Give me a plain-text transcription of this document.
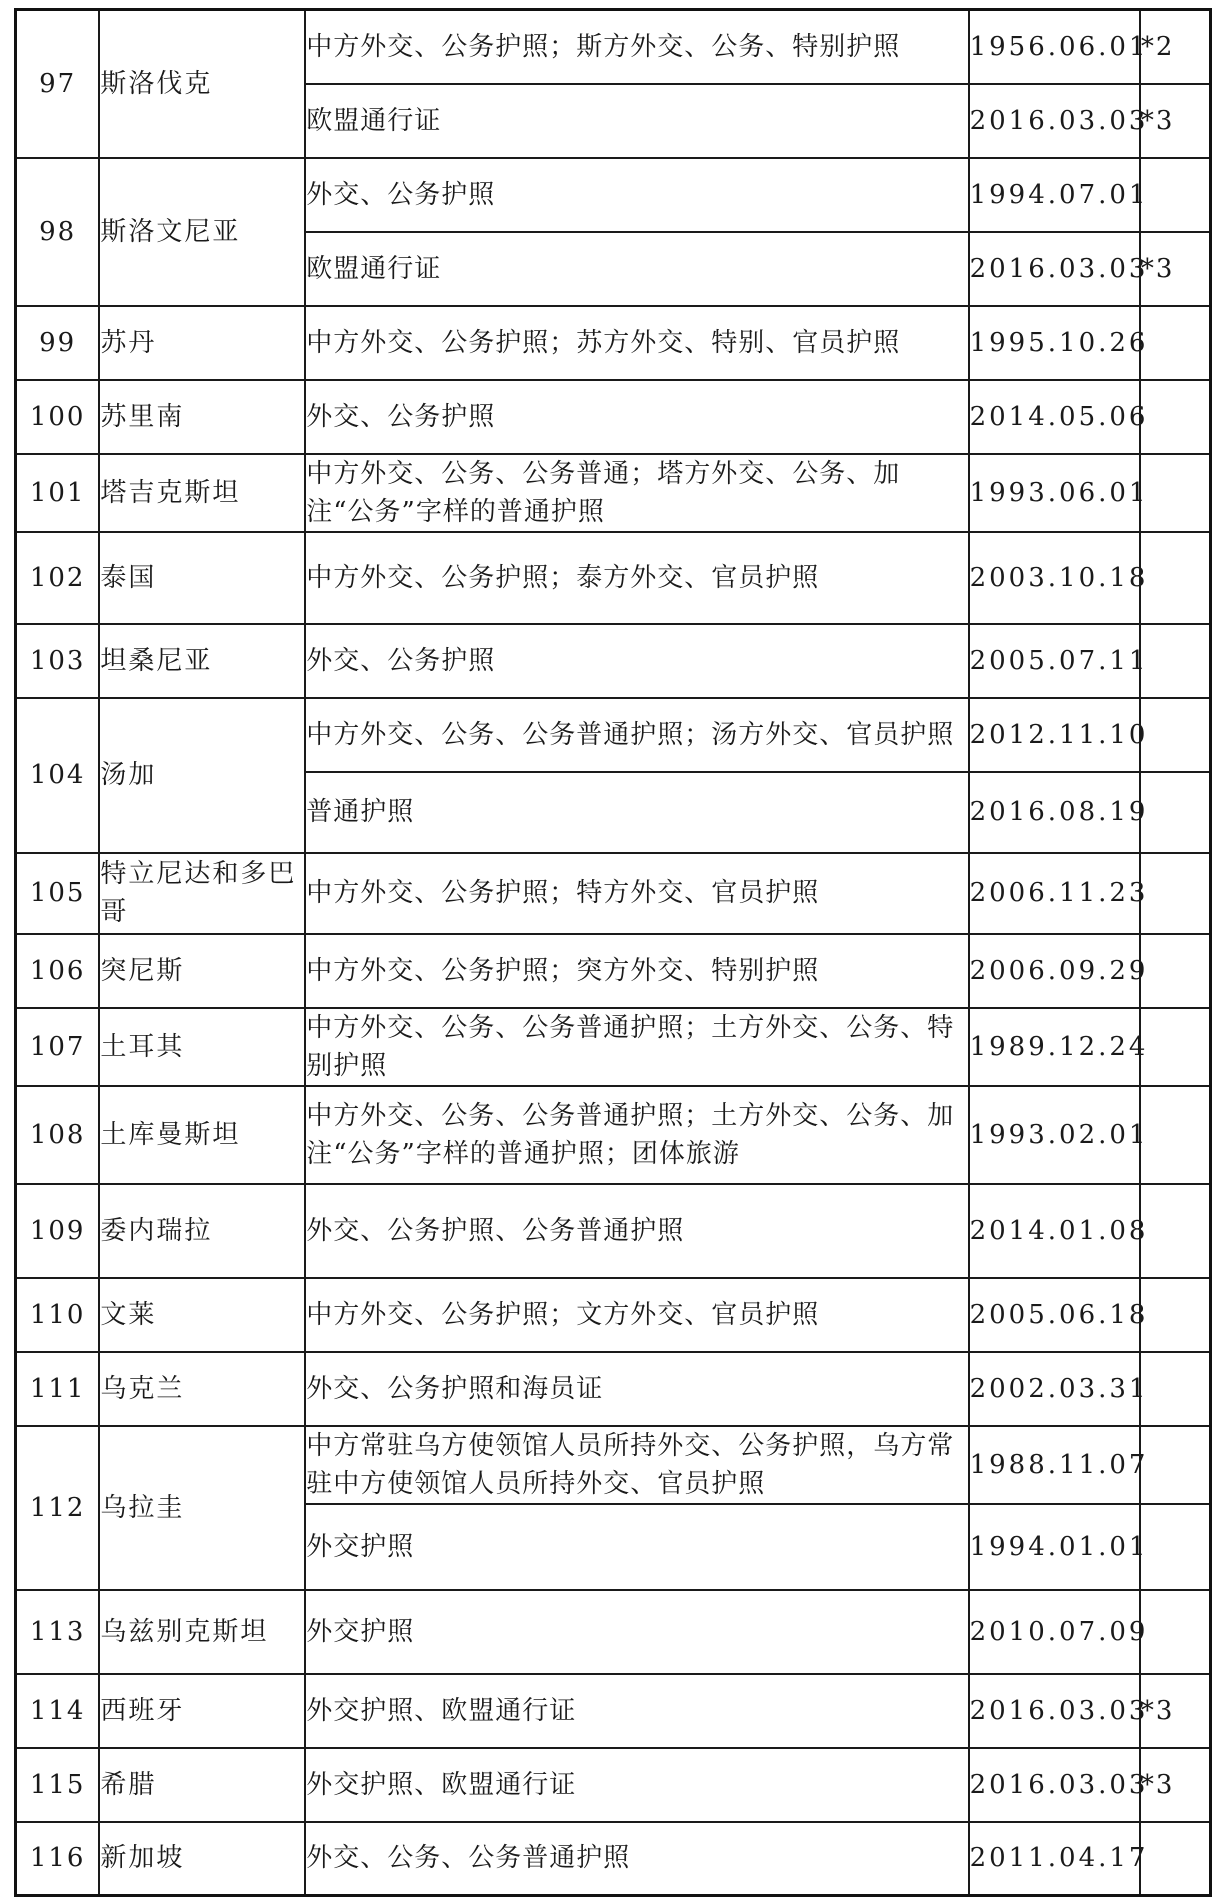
97	斯洛伐克	中方外交、公务护照；斯方外交、公务、特别护照	1956.06.01	*2
		欧盟通行证	2016.03.03	*3
98	斯洛文尼亚	外交、公务护照	1994.07.01	
		欧盟通行证	2016.03.03	*3
99	苏丹	中方外交、公务护照；苏方外交、特别、官员护照	1995.10.26	
100	苏里南	外交、公务护照	2014.05.06	
101	塔吉克斯坦	中方外交、公务、公务普通；塔方外交、公务、加注“公务”字样的普通护照	1993.06.01	
102	泰国	中方外交、公务护照；泰方外交、官员护照	2003.10.18	
103	坦桑尼亚	外交、公务护照	2005.07.11	
104	汤加	中方外交、公务、公务普通护照；汤方外交、官员护照	2012.11.10	
		普通护照	2016.08.19	
105	特立尼达和多巴哥	中方外交、公务护照；特方外交、官员护照	2006.11.23	
106	突尼斯	中方外交、公务护照；突方外交、特别护照	2006.09.29	
107	土耳其	中方外交、公务、公务普通护照；土方外交、公务、特别护照	1989.12.24	
108	土库曼斯坦	中方外交、公务、公务普通护照；土方外交、公务、加注“公务”字样的普通护照；团体旅游	1993.02.01	
109	委内瑞拉	外交、公务护照、公务普通护照	2014.01.08	
110	文莱	中方外交、公务护照；文方外交、官员护照	2005.06.18	
111	乌克兰	外交、公务护照和海员证	2002.03.31	
112	乌拉圭	中方常驻乌方使领馆人员所持外交、公务护照，乌方常驻中方使领馆人员所持外交、官员护照	1988.11.07	
		外交护照	1994.01.01	
113	乌兹别克斯坦	外交护照	2010.07.09	
114	西班牙	外交护照、欧盟通行证	2016.03.03	*3
115	希腊	外交护照、欧盟通行证	2016.03.03	*3
116	新加坡	外交、公务、公务普通护照	2011.04.17	
